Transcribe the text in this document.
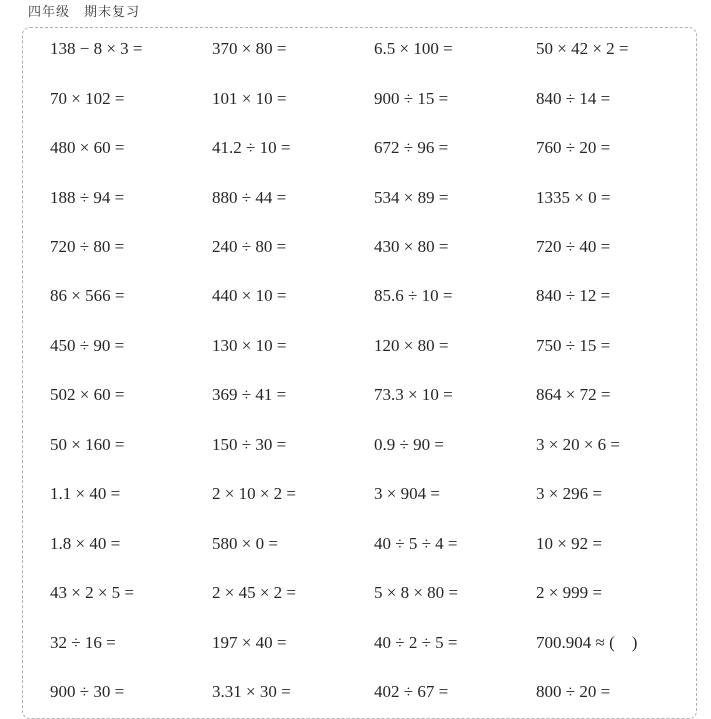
四年级　期末复习
138 − 8 × 3 =	370 × 80 =	6.5 × 100 =	50 × 42 × 2 =
70 × 102 =	101 × 10 =	900 ÷ 15 =	840 ÷ 14 =
480 × 60 =	41.2 ÷ 10 =	672 ÷ 96 =	760 ÷ 20 =
188 ÷ 94 =	880 ÷ 44 =	534 × 89 =	1335 × 0 =
720 ÷ 80 =	240 ÷ 80 =	430 × 80 =	720 ÷ 40 =
86 × 566 =	440 × 10 =	85.6 ÷ 10 =	840 ÷ 12 =
450 ÷ 90 =	130 × 10 =	120 × 80 =	750 ÷ 15 =
502 × 60 =	369 ÷ 41 =	73.3 × 10 =	864 × 72 =
50 × 160 =	150 ÷ 30 =	0.9 ÷ 90 =	3 × 20 × 6 =
1.1 × 40 =	2 × 10 × 2 =	3 × 904 =	3 × 296 =
1.8 × 40 =	580 × 0 =	40 ÷ 5 ÷ 4 =	10 × 92 =
43 × 2 × 5 =	2 × 45 × 2 =	5 × 8 × 80 =	2 × 999 =
32 ÷ 16 =	197 × 40 =	40 ÷ 2 ÷ 5 =	700.904 ≈ (    )
900 ÷ 30 =	3.31 × 30 =	402 ÷ 67 =	800 ÷ 20 =
